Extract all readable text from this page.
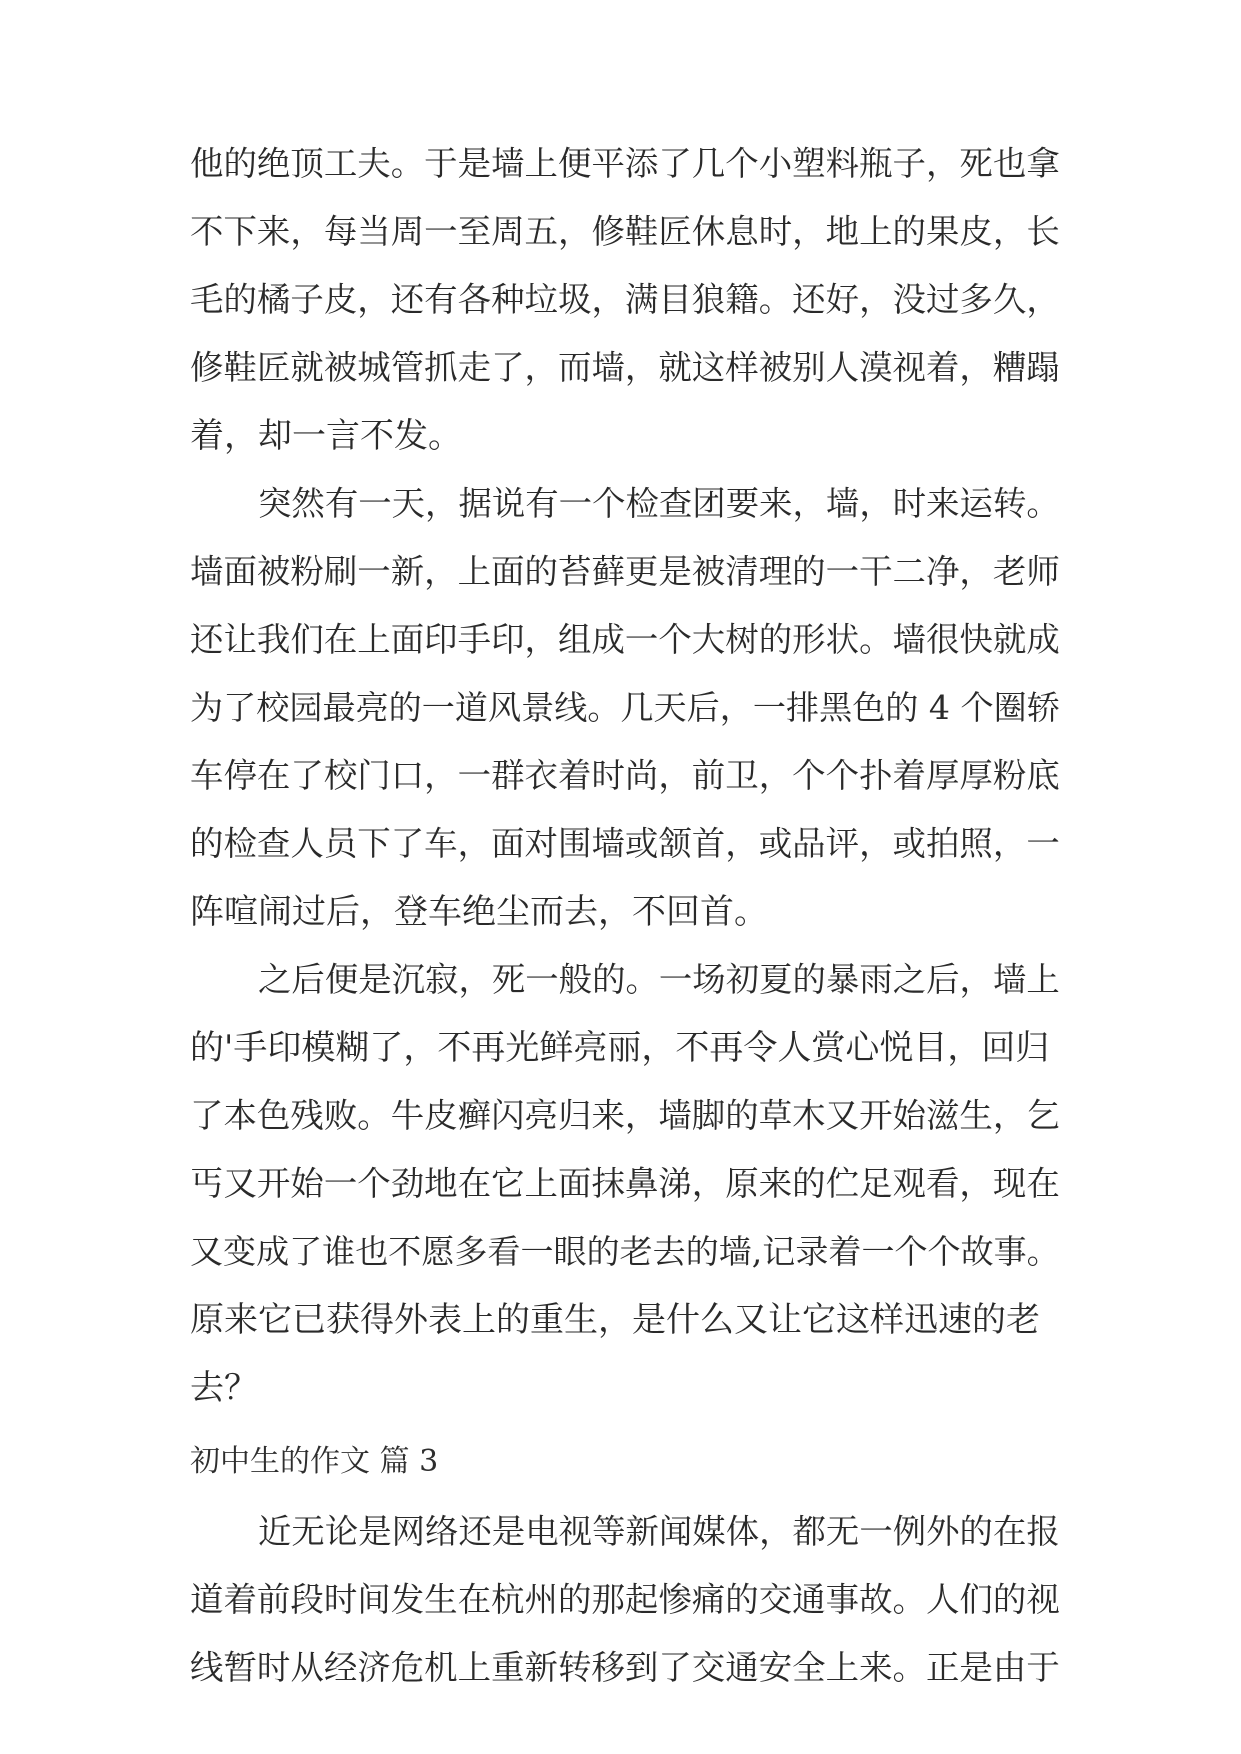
他的绝顶工夫。于是墙上便平添了几个小塑料瓶子，死也拿

不下来，每当周一至周五，修鞋匠休息时，地上的果皮，长

毛的橘子皮，还有各种垃圾，满目狼籍。还好，没过多久，

修鞋匠就被城管抓走了，而墙，就这样被别人漠视着，糟蹋

着，却一言不发。

突然有一天，据说有一个检查团要来，墙，时来运转。

墙面被粉刷一新，上面的苔藓更是被清理的一干二净，老师

还让我们在上面印手印，组成一个大树的形状。墙很快就成

为了校园最亮的一道风景线。几天后，一排黑色的 4 个圈轿

车停在了校门口，一群衣着时尚，前卫，个个扑着厚厚粉底

的检查人员下了车，面对围墙或颔首，或品评，或拍照，一

阵喧闹过后，登车绝尘而去，不回首。

之后便是沉寂，死一般的。一场初夏的暴雨之后，墙上

的'手印模糊了，不再光鲜亮丽，不再令人赏心悦目，回归

了本色残败。牛皮癣闪亮归来，墙脚的草木又开始滋生，乞

丐又开始一个劲地在它上面抹鼻涕，原来的伫足观看，现在

又变成了谁也不愿多看一眼的老去的墙,记录着一个个故事。

原来它已获得外表上的重生，是什么又让它这样迅速的老

去？

初中生的作文 篇 3

近无论是网络还是电视等新闻媒体，都无一例外的在报

道着前段时间发生在杭州的那起惨痛的交通事故。人们的视

线暂时从经济危机上重新转移到了交通安全上来。正是由于
